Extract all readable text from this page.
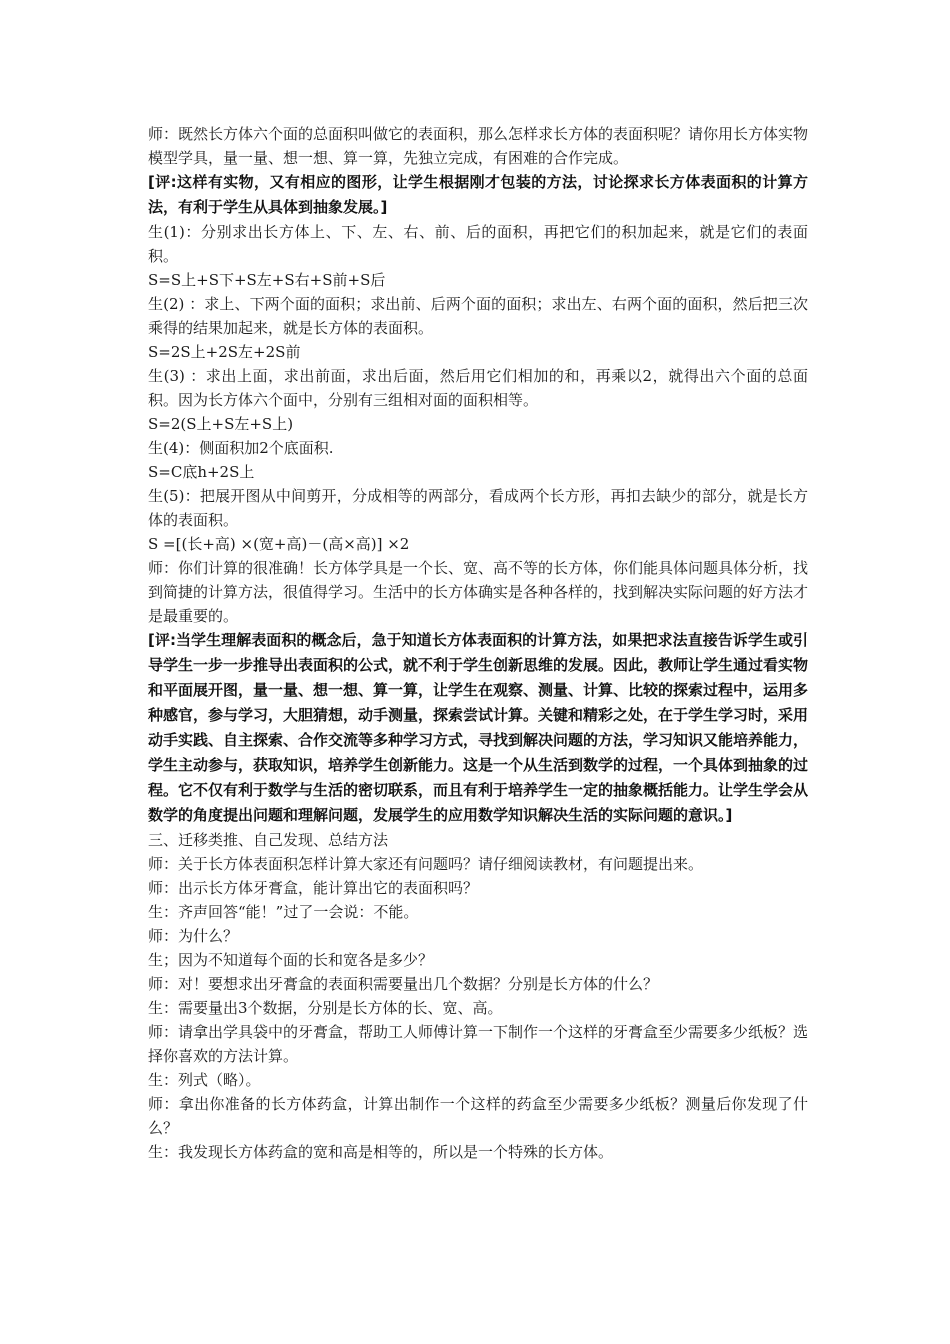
师：既然长方体六个面的总面积叫做它的表面积，那么怎样求长方体的表面积呢？请你用长方体实物模型学具，量一量、想一想、算一算，先独立完成，有困难的合作完成。

[评:这样有实物，又有相应的图形，让学生根据刚才包装的方法，讨论探求长方体表面积的计算方法，有利于学生从具体到抽象发展。]

生(1)：分别求出长方体上、下、左、右、前、后的面积，再把它们的积加起来，就是它们的表面积。

S=S上+S下+S左+S右+S前+S后

生(2) ：求上、下两个面的面积；求出前、后两个面的面积；求出左、右两个面的面积，然后把三次乘得的结果加起来，就是长方体的表面积。

S=2S上+2S左+2S前

生(3) ：求出上面，求出前面，求出后面，然后用它们相加的和，再乘以2，就得出六个面的总面积。因为长方体六个面中，分别有三组相对面的面积相等。

S=2(S上+S左+S上)

生(4)：侧面积加2个底面积.

S=C底h+2S上

生(5)：把展开图从中间剪开，分成相等的两部分，看成两个长方形，再扣去缺少的部分，就是长方体的表面积。

S =[(长+高) ×(宽+高)－(高×高)] ×2

师：你们计算的很准确！长方体学具是一个长、宽、高不等的长方体，你们能具体问题具体分析，找到简捷的计算方法，很值得学习。生活中的长方体确实是各种各样的，找到解决实际问题的好方法才是最重要的。

[评:当学生理解表面积的概念后，急于知道长方体表面积的计算方法，如果把求法直接告诉学生或引导学生一步一步推导出表面积的公式，就不利于学生创新思维的发展。因此，教师让学生通过看实物和平面展开图，量一量、想一想、算一算，让学生在观察、测量、计算、比较的探索过程中，运用多种感官，参与学习，大胆猜想，动手测量，探索尝试计算。关键和精彩之处，在于学生学习时，采用动手实践、自主探索、合作交流等多种学习方式，寻找到解决问题的方法，学习知识又能培养能力，学生主动参与，获取知识，培养学生创新能力。这是一个从生活到数学的过程，一个具体到抽象的过程。它不仅有利于数学与生活的密切联系，而且有利于培养学生一定的抽象概括能力。让学生学会从数学的角度提出问题和理解问题，发展学生的应用数学知识解决生活的实际问题的意识。]

三、迁移类推、自己发现、总结方法

师：关于长方体表面积怎样计算大家还有问题吗？请仔细阅读教材，有问题提出来。

师：出示长方体牙膏盒，能计算出它的表面积吗？

生：齐声回答“能！”过了一会说：不能。

师：为什么？

生；因为不知道每个面的长和宽各是多少？

师：对！要想求出牙膏盒的表面积需要量出几个数据？分别是长方体的什么？

生：需要量出3个数据，分别是长方体的长、宽、高。

师：请拿出学具袋中的牙膏盒，帮助工人师傅计算一下制作一个这样的牙膏盒至少需要多少纸板？选择你喜欢的方法计算。

生：列式（略）。

师：拿出你准备的长方体药盒，计算出制作一个这样的药盒至少需要多少纸板？测量后你发现了什么？

生：我发现长方体药盒的宽和高是相等的，所以是一个特殊的长方体。
